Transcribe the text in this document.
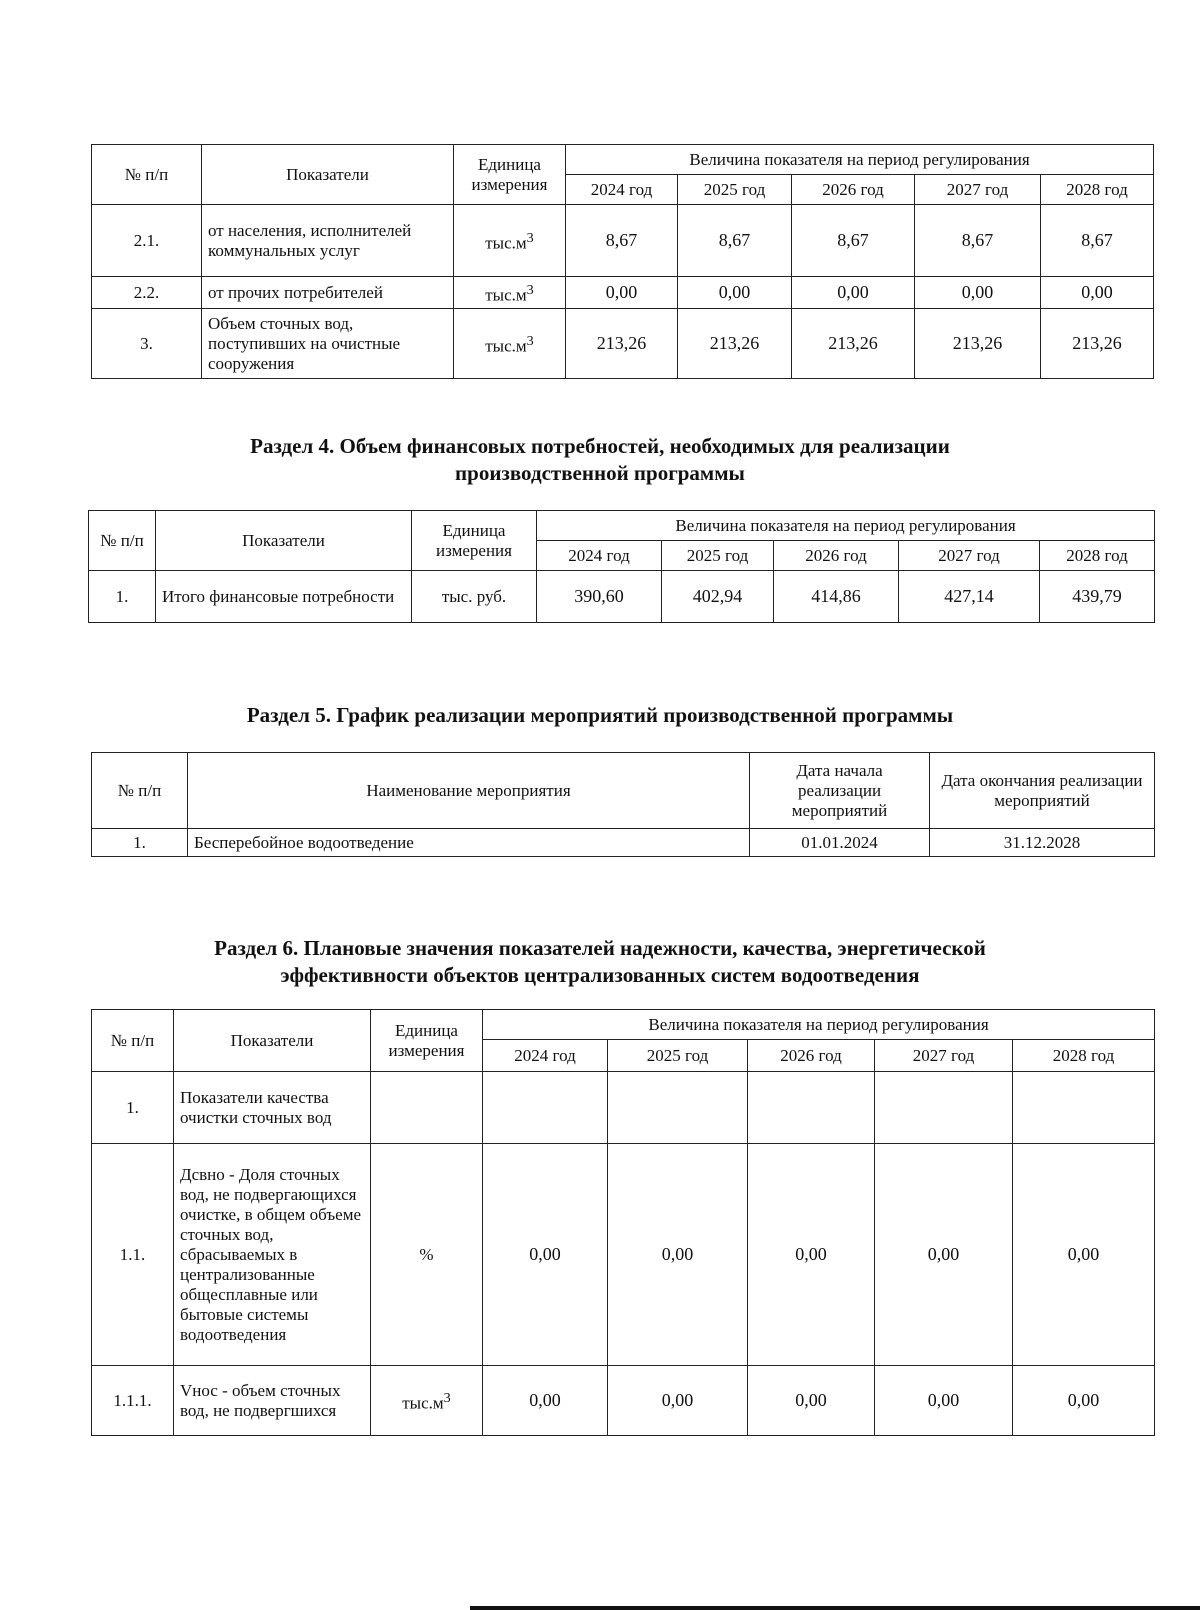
№ п/п	Показатели	Единица измерения	Величина показателя на период регулирования				
			2024 год	2025 год	2026 год	2027 год	2028 год
2.1.	от населения, исполнителей коммунальных услуг	$тыс.м^3$	8,67	8,67	8,67	8,67	8,67
2.2.	от прочих потребителей	$тыс.м^3$	0,00	0,00	0,00	0,00	0,00
3.	Объем сточных вод, поступивших на очистные сооружения	$тыс.м^3$	213,26	213,26	213,26	213,26	213,26
Раздел 4. Объем финансовых потребностей, необходимых для реализации
производственной программы
№ п/п	Показатели	Единица измерения	Величина показателя на период регулирования				
			2024 год	2025 год	2026 год	2027 год	2028 год
1.	Итого финансовые потребности	тыс. руб.	390,60	402,94	414,86	427,14	439,79
Раздел 5. График реализации мероприятий производственной программы
№ п/п	Наименование мероприятия	Дата начала реализации мероприятий	Дата окончания реализации мероприятий
1.	Бесперебойное водоотведение	01.01.2024	31.12.2028
Раздел 6. Плановые значения показателей надежности, качества, энергетической
эффективности объектов централизованных систем водоотведения
№ п/п	Показатели	Единица измерения	Величина показателя на период регулирования				
			2024 год	2025 год	2026 год	2027 год	2028 год
1.	Показатели качества очистки сточных вод						
1.1.	Дсвно - Доля сточных вод, не подвергающихся очистке, в общем объеме сточных вод, сбрасываемых в централизованные общесплавные или бытовые системы водоотведения	%	0,00	0,00	0,00	0,00	0,00
1.1.1.	Vнос - объем сточных вод, не подвергшихся	$тыс.м^3$	0,00	0,00	0,00	0,00	0,00
